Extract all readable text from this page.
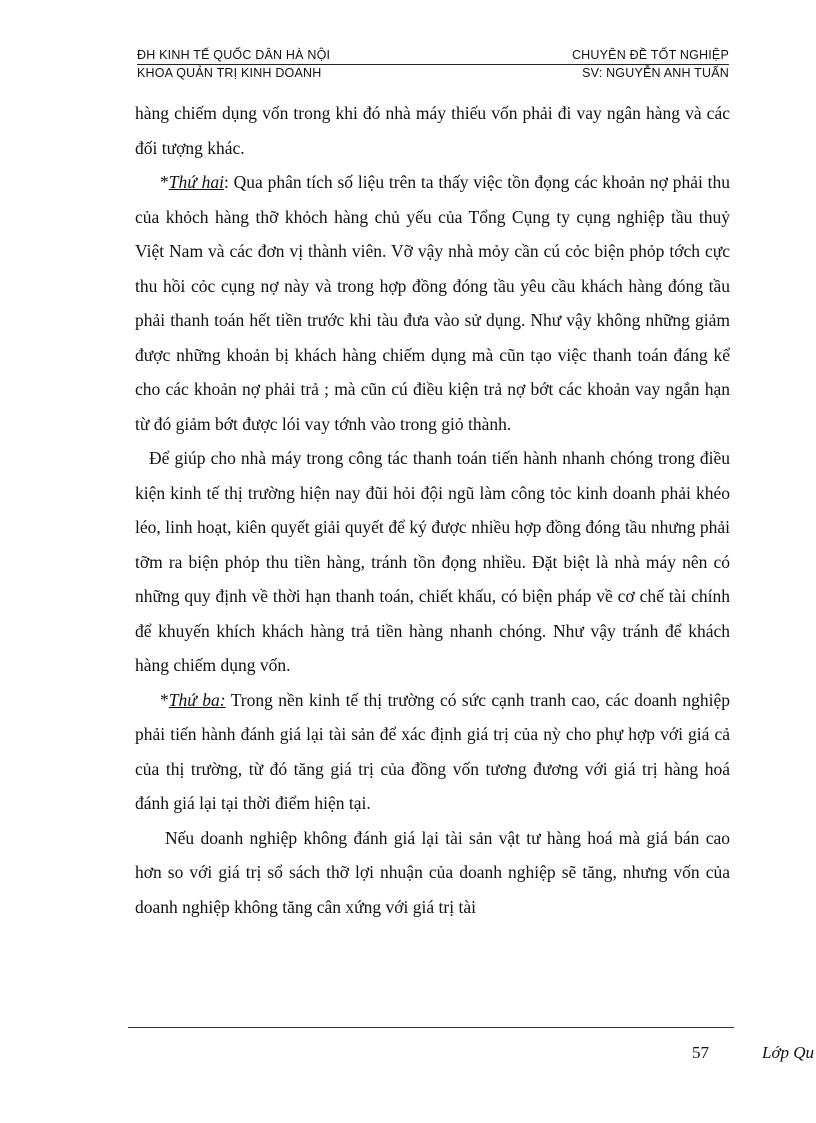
ĐH KINH TẾ QUỐC DÂN HÀ NỘI	CHUYÊN ĐỀ TỐT NGHIỆP
KHOA QUẢN TRỊ KINH DOANH	SV: NGUYỄN ANH TUẤN

hàng chiếm dụng vốn trong khi đó nhà máy thiếu vốn phải đi vay ngân hàng và các đối tượng khác.

*Thứ hai: Qua phân tích số liệu trên ta thấy việc tồn đọng các khoản nợ phải thu của khỏch hàng thỡ khỏch hàng chủ yếu của Tổng Cụng ty cụng nghiệp tầu thuỷ Việt Nam và các đơn vị thành viên. Vỡ vậy nhà mỏy cần cú cỏc biện phỏp tớch cực thu hồi cỏc cụng nợ này và trong hợp đồng đóng tầu yêu cầu khách hàng đóng tầu phải thanh toán hết tiền trước khi tàu đưa vào sử dụng. Như vậy không những giảm được những khoản bị khách hàng chiếm dụng mà cũn tạo việc thanh toán đáng kể cho các khoản nợ phải trả ; mà cũn cú điều kiện trả nợ bớt các khoản vay ngắn hạn từ đó giảm bớt được lói vay tớnh vào trong giỏ thành.

Để giúp cho nhà máy trong công tác thanh toán tiến hành nhanh chóng trong điều kiện kinh tế thị trường hiện nay đũi hỏi đội ngũ làm công tỏc kinh doanh phải khéo léo, linh hoạt, kiên quyết giải quyết để ký được nhiều hợp đồng đóng tầu nhưng phải tỡm ra biện phỏp thu tiền hàng, tránh tồn đọng nhiều. Đặt biệt là nhà máy nên có những quy định về thời hạn thanh toán, chiết khấu, có biện pháp về cơ chế tài chính để khuyến khích khách hàng trả tiền hàng nhanh chóng. Như vậy tránh để khách hàng chiếm dụng vốn.

*Thứ ba: Trong nền kinh tế thị trường có sức cạnh tranh cao, các doanh nghiệp phải tiến hành đánh giá lại tài sản để xác định giá trị của nỳ cho phự hợp với giá cả của thị trường, từ đó tăng giá trị của đồng vốn tương đương với giá trị hàng hoá đánh giá lại tại thời điểm hiện tại.

Nếu doanh nghiệp không đánh giá lại tài sản vật tư hàng hoá mà giá bán cao hơn so với giá trị sổ sách thỡ lợi nhuận của doanh nghiệp sẽ tăng, nhưng vốn của doanh nghiệp không tăng cân xứng với giá trị tài

57	Lớp Qu
